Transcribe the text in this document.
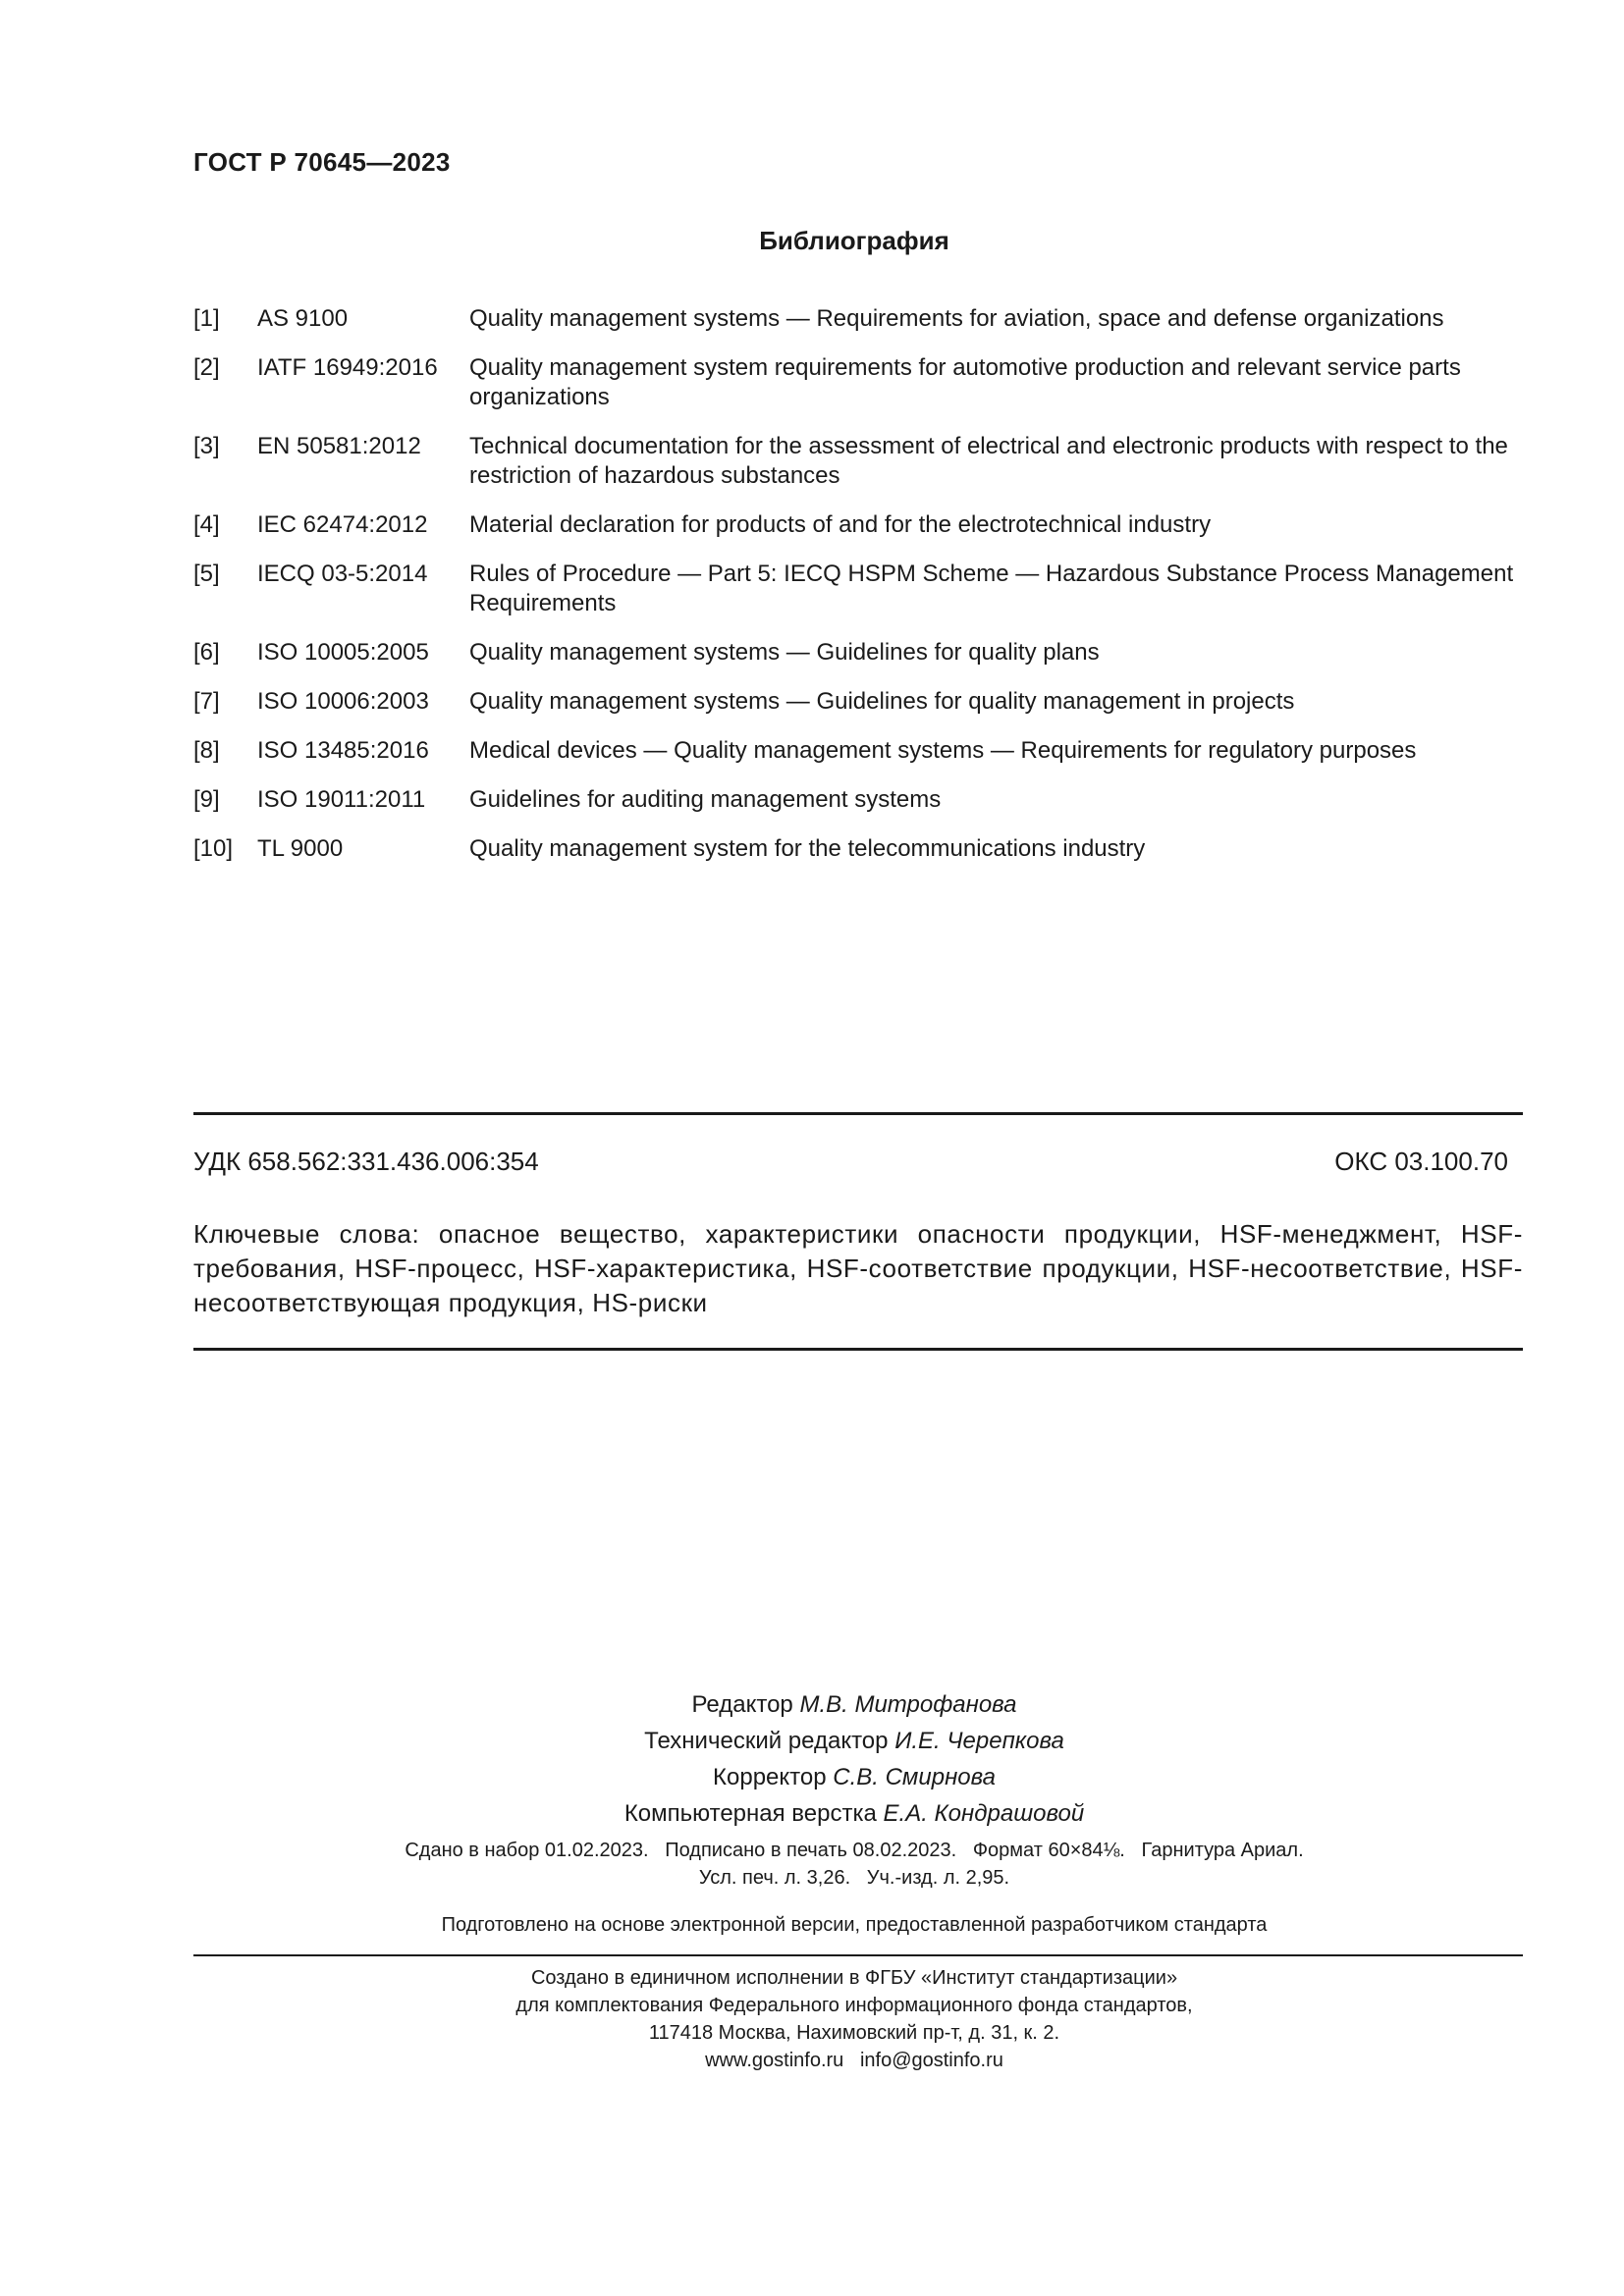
ГОСТ Р 70645—2023
Библиография
[1]	AS 9100	Quality management systems — Requirements for aviation, space and defense organizations
[2]	IATF 16949:2016	Quality management system requirements for automotive production and relevant service parts organizations
[3]	EN 50581:2012	Technical documentation for the assessment of electrical and electronic products with respect to the restriction of hazardous substances
[4]	IEC 62474:2012	Material declaration for products of and for the electrotechnical industry
[5]	IECQ 03-5:2014	Rules of Procedure — Part 5: IECQ HSPM Scheme — Hazardous Substance Process Management Requirements
[6]	ISO 10005:2005	Quality management systems — Guidelines for quality plans
[7]	ISO 10006:2003	Quality management systems — Guidelines for quality management in projects
[8]	ISO 13485:2016	Medical devices — Quality management systems — Requirements for regulatory purposes
[9]	ISO 19011:2011	Guidelines for auditing management systems
[10]	TL 9000	Quality management system for the telecommunications industry
УДК 658.562:331.436.006:354	ОКС 03.100.70
Ключевые слова: опасное вещество, характеристики опасности продукции, HSF-менеджмент, HSF-требования, HSF-процесс, HSF-характеристика, HSF-соответствие продукции, HSF-несоответствие, HSF-несоответствующая продукция, HS-риски
Редактор М.В. Митрофанова
Технический редактор И.Е. Черепкова
Корректор С.В. Смирнова
Компьютерная верстка Е.А. Кондрашовой
Сдано в набор 01.02.2023.   Подписано в печать 08.02.2023.   Формат 60×84⅛.   Гарнитура Ариал.
Усл. печ. л. 3,26.   Уч.-изд. л. 2,95.
Подготовлено на основе электронной версии, предоставленной разработчиком стандарта
Создано в единичном исполнении в ФГБУ «Институт стандартизации»
для комплектования Федерального информационного фонда стандартов,
117418 Москва, Нахимовский пр-т, д. 31, к. 2.
www.gostinfo.ru   info@gostinfo.ru
